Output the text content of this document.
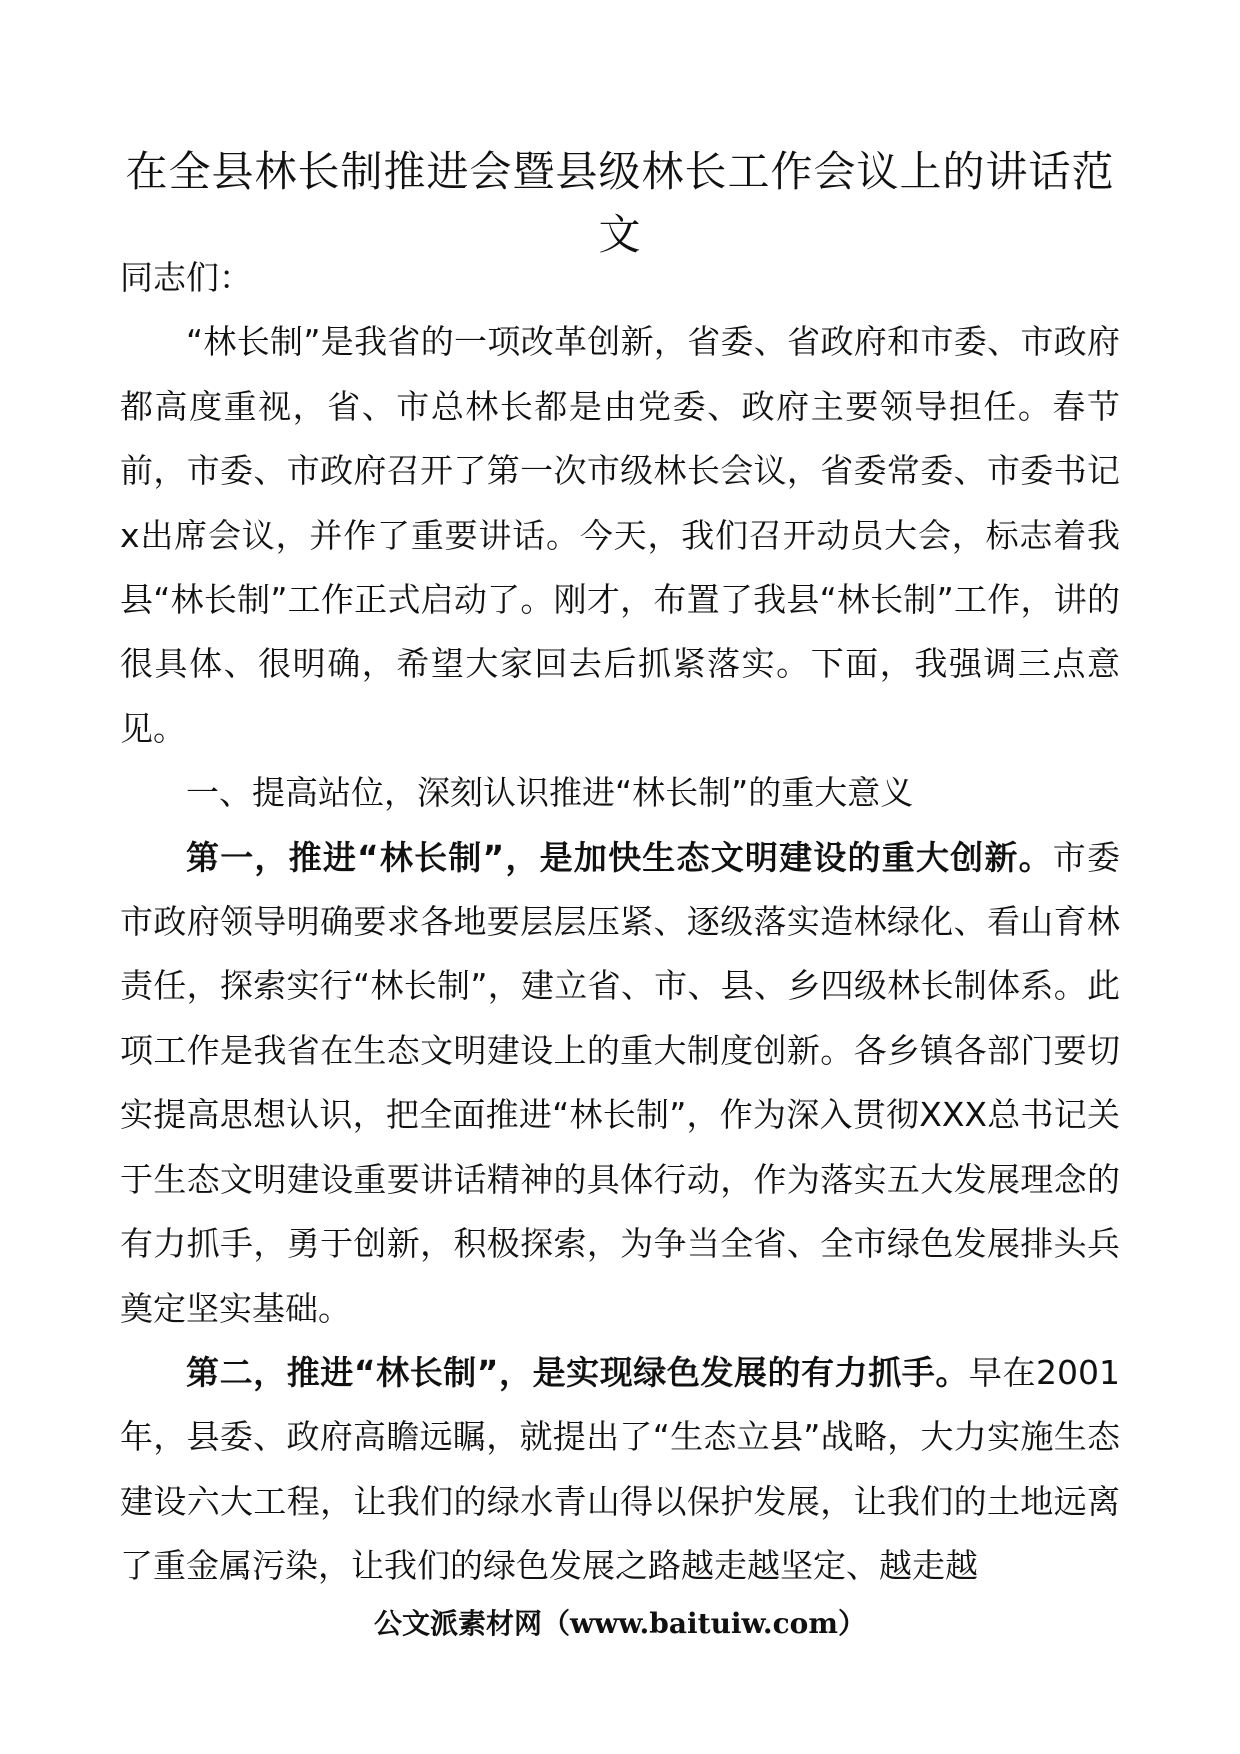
在全县林长制推进会暨县级林长工作会议上的讲话范文

同志们：

“林长制”是我省的一项改革创新，省委、省政府和市委、市政府都高度重视，省、市总林长都是由党委、政府主要领导担任。春节前，市委、市政府召开了第一次市级林长会议，省委常委、市委书记x出席会议，并作了重要讲话。今天，我们召开动员大会，标志着我县“林长制”工作正式启动了。刚才，布置了我县“林长制”工作，讲的很具体、很明确，希望大家回去后抓紧落实。下面，我强调三点意见。

一、提高站位，深刻认识推进“林长制”的重大意义

第一，推进“林长制”，是加快生态文明建设的重大创新。市委市政府领导明确要求各地要层层压紧、逐级落实造林绿化、看山育林责任，探索实行“林长制”，建立省、市、县、乡四级林长制体系。此项工作是我省在生态文明建设上的重大制度创新。各乡镇各部门要切实提高思想认识，把全面推进“林长制”，作为深入贯彻XXX总书记关于生态文明建设重要讲话精神的具体行动，作为落实五大发展理念的有力抓手，勇于创新，积极探索，为争当全省、全市绿色发展排头兵奠定坚实基础。

第二，推进“林长制”，是实现绿色发展的有力抓手。早在2001年，县委、政府高瞻远瞩，就提出了“生态立县”战略，大力实施生态建设六大工程，让我们的绿水青山得以保护发展，让我们的土地远离了重金属污染，让我们的绿色发展之路越走越坚定、越走越

公文派素材网（www.baituiw.com）
